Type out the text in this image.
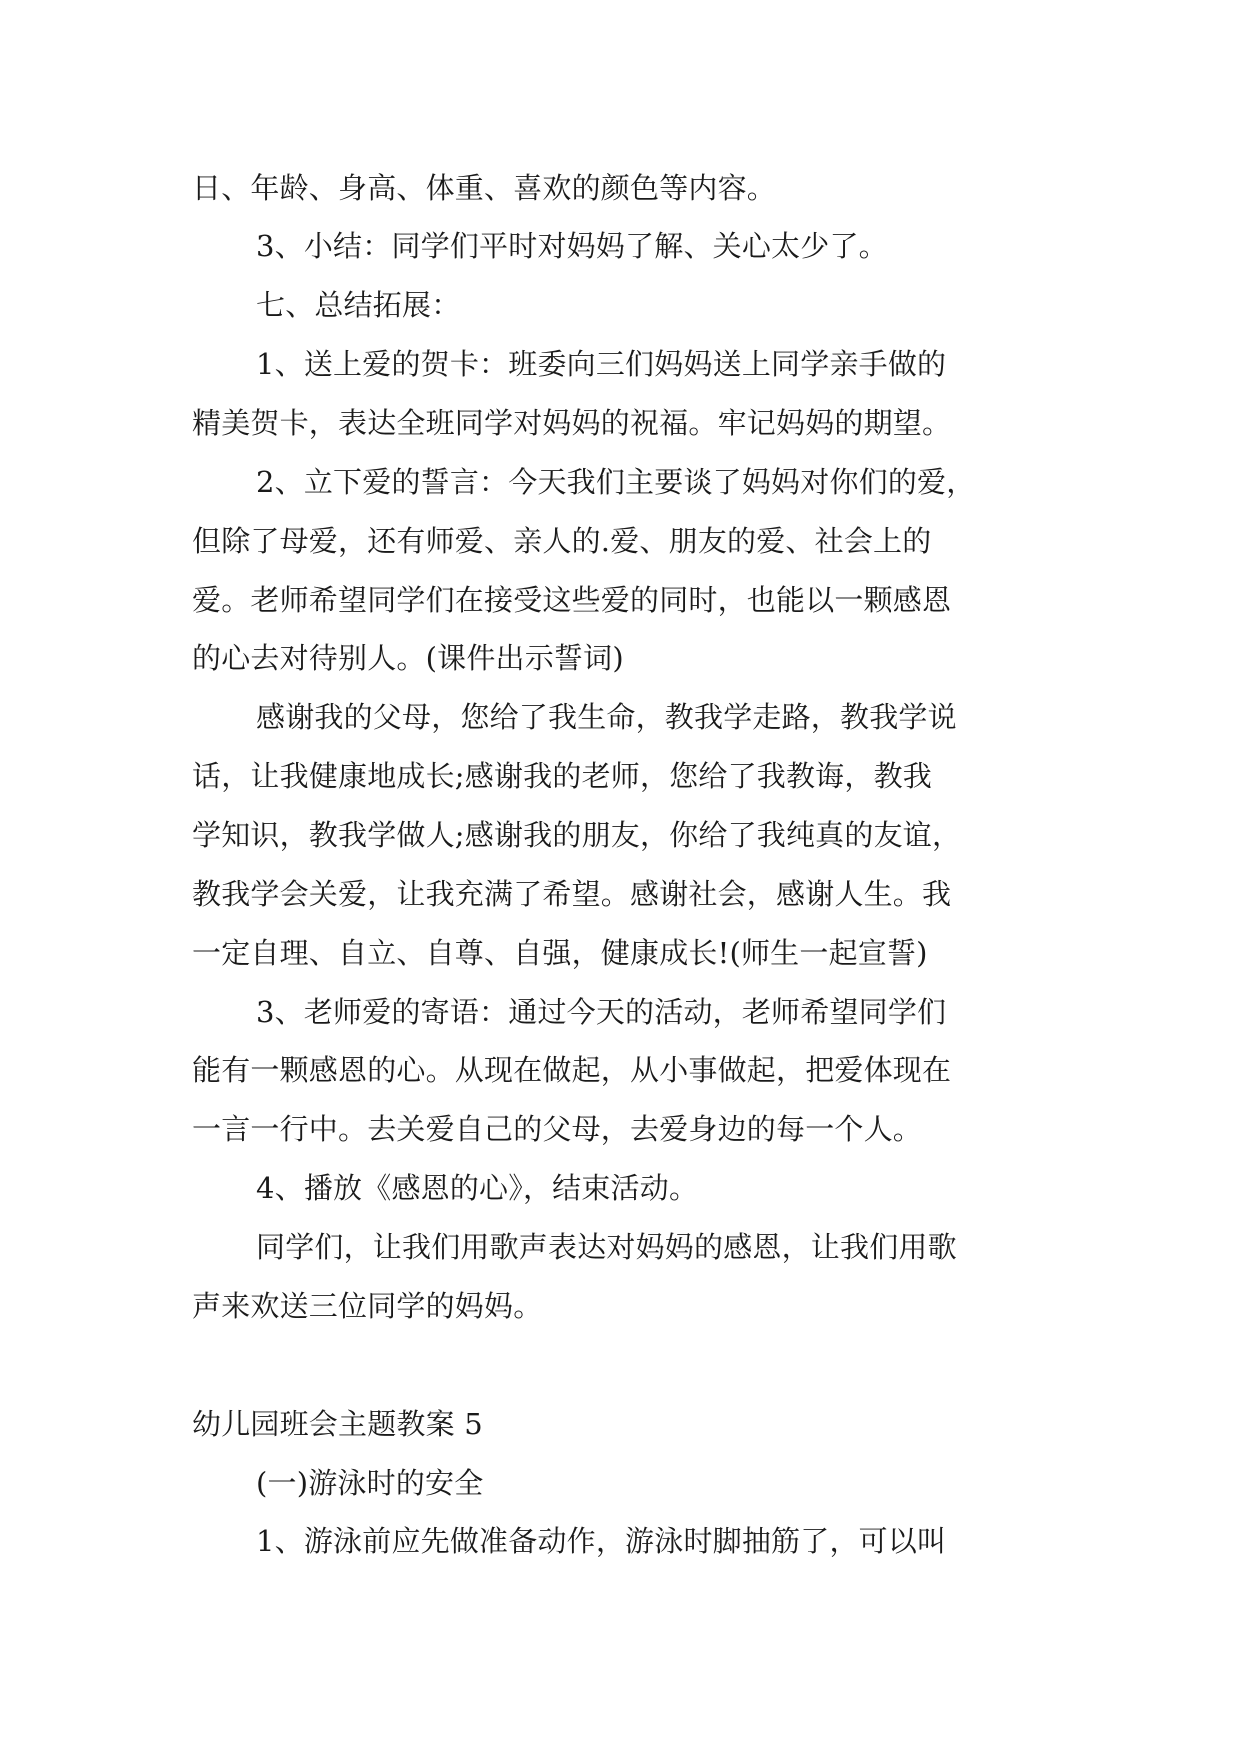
日、年龄、身高、体重、喜欢的颜色等内容。
3、小结：同学们平时对妈妈了解、关心太少了。
七、总结拓展：
1、送上爱的贺卡：班委向三们妈妈送上同学亲手做的
精美贺卡，表达全班同学对妈妈的祝福。牢记妈妈的期望。
2、立下爱的誓言：今天我们主要谈了妈妈对你们的爱，
但除了母爱，还有师爱、亲人的.爱、朋友的爱、社会上的
爱。老师希望同学们在接受这些爱的同时，也能以一颗感恩
的心去对待别人。(课件出示誓词)
感谢我的父母，您给了我生命，教我学走路，教我学说
话，让我健康地成长;感谢我的老师，您给了我教诲，教我
学知识，教我学做人;感谢我的朋友，你给了我纯真的友谊，
教我学会关爱，让我充满了希望。感谢社会，感谢人生。我
一定自理、自立、自尊、自强，健康成长!(师生一起宣誓)
3、老师爱的寄语：通过今天的活动，老师希望同学们
能有一颗感恩的心。从现在做起，从小事做起，把爱体现在
一言一行中。去关爱自己的父母，去爱身边的每一个人。
4、播放《感恩的心》，结束活动。
同学们，让我们用歌声表达对妈妈的感恩，让我们用歌
声来欢送三位同学的妈妈。
幼儿园班会主题教案 5
(一)游泳时的安全
1、游泳前应先做准备动作，游泳时脚抽筋了，可以叫
